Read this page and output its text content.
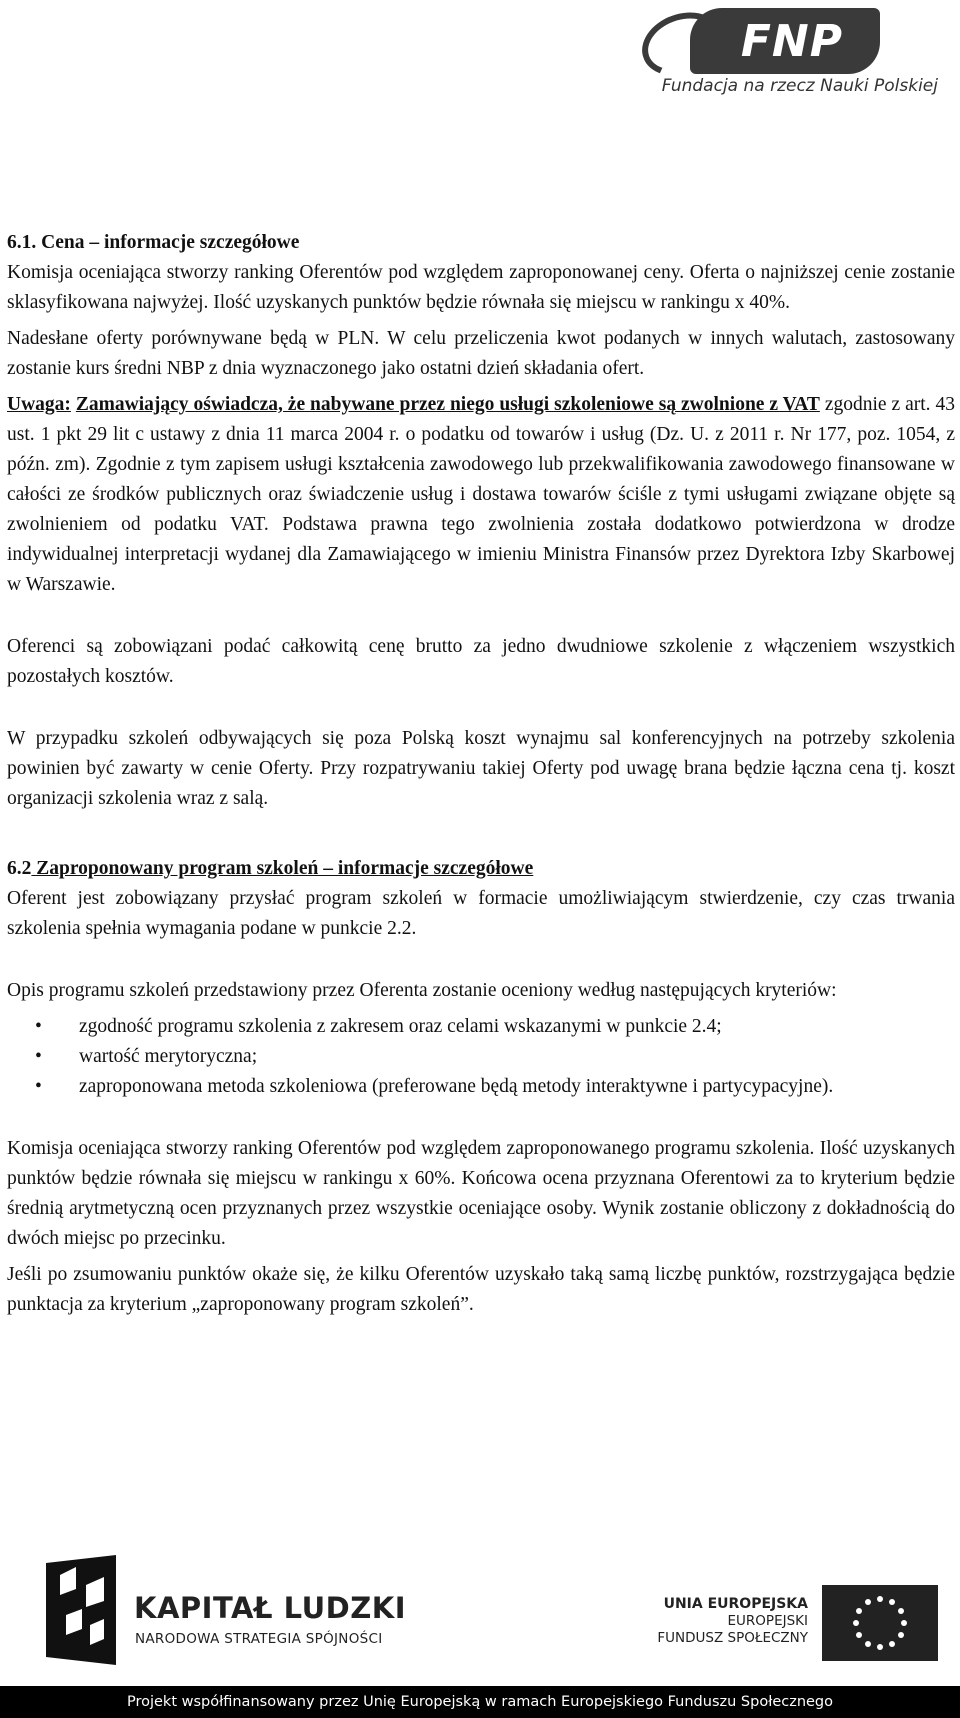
FNP
Fundacja na rzecz Nauki Polskiej

6.1. Cena – informacje szczegółowe

Komisja oceniająca stworzy ranking Oferentów pod względem zaproponowanej ceny. Oferta o najniższej cenie zostanie sklasyfikowana najwyżej. Ilość uzyskanych punktów będzie równała się miejscu w rankingu x 40%.

Nadesłane oferty porównywane będą w PLN. W celu przeliczenia kwot podanych w innych walutach, zastosowany zostanie kurs średni NBP z dnia wyznaczonego jako ostatni dzień składania ofert.

Uwaga: Zamawiający oświadcza, że nabywane przez niego usługi szkoleniowe są zwolnione z VAT zgodnie z art. 43 ust. 1 pkt 29 lit c ustawy z dnia 11 marca 2004 r. o podatku od towarów i usług (Dz. U. z 2011 r. Nr 177, poz. 1054, z późn. zm). Zgodnie z tym zapisem usługi kształcenia zawodowego lub przekwalifikowania zawodowego finansowane w całości ze środków publicznych oraz świadczenie usług i dostawa towarów ściśle z tymi usługami związane objęte są zwolnieniem od podatku VAT. Podstawa prawna tego zwolnienia została dodatkowo potwierdzona w drodze indywidualnej interpretacji wydanej dla Zamawiającego w imieniu Ministra Finansów przez Dyrektora Izby Skarbowej w Warszawie.

Oferenci są zobowiązani podać całkowitą cenę brutto za jedno dwudniowe szkolenie z włączeniem wszystkich pozostałych kosztów.

W przypadku szkoleń odbywających się poza Polską koszt wynajmu sal konferencyjnych na potrzeby szkolenia powinien być zawarty w cenie Oferty. Przy rozpatrywaniu takiej Oferty pod uwagę brana będzie łączna cena tj. koszt organizacji szkolenia wraz z salą.

6.2 Zaproponowany program szkoleń – informacje szczegółowe

Oferent jest zobowiązany przysłać program szkoleń w formacie umożliwiającym stwierdzenie, czy czas trwania szkolenia spełnia wymagania podane w punkcie 2.2.

Opis programu szkoleń przedstawiony przez Oferenta zostanie oceniony według następujących kryteriów:

• zgodność programu szkolenia z zakresem oraz celami wskazanymi w punkcie 2.4;
• wartość merytoryczna;
• zaproponowana metoda szkoleniowa (preferowane będą metody interaktywne i partycypacyjne).

Komisja oceniająca stworzy ranking Oferentów pod względem zaproponowanego programu szkolenia. Ilość uzyskanych punktów będzie równała się miejscu w rankingu x 60%. Końcowa ocena przyznana Oferentowi za to kryterium będzie średnią arytmetyczną ocen przyznanych przez wszystkie oceniające osoby. Wynik zostanie obliczony z dokładnością do dwóch miejsc po przecinku.

Jeśli po zsumowaniu punktów okaże się, że kilku Oferentów uzyskało taką samą liczbę punktów, rozstrzygająca będzie punktacja za kryterium „zaproponowany program szkoleń”.

KAPITAŁ LUDZKI
NARODOWA STRATEGIA SPÓJNOŚCI
UNIA EUROPEJSKA
EUROPEJSKI
FUNDUSZ SPOŁECZNY
Projekt współfinansowany przez Unię Europejską w ramach Europejskiego Funduszu Społecznego
